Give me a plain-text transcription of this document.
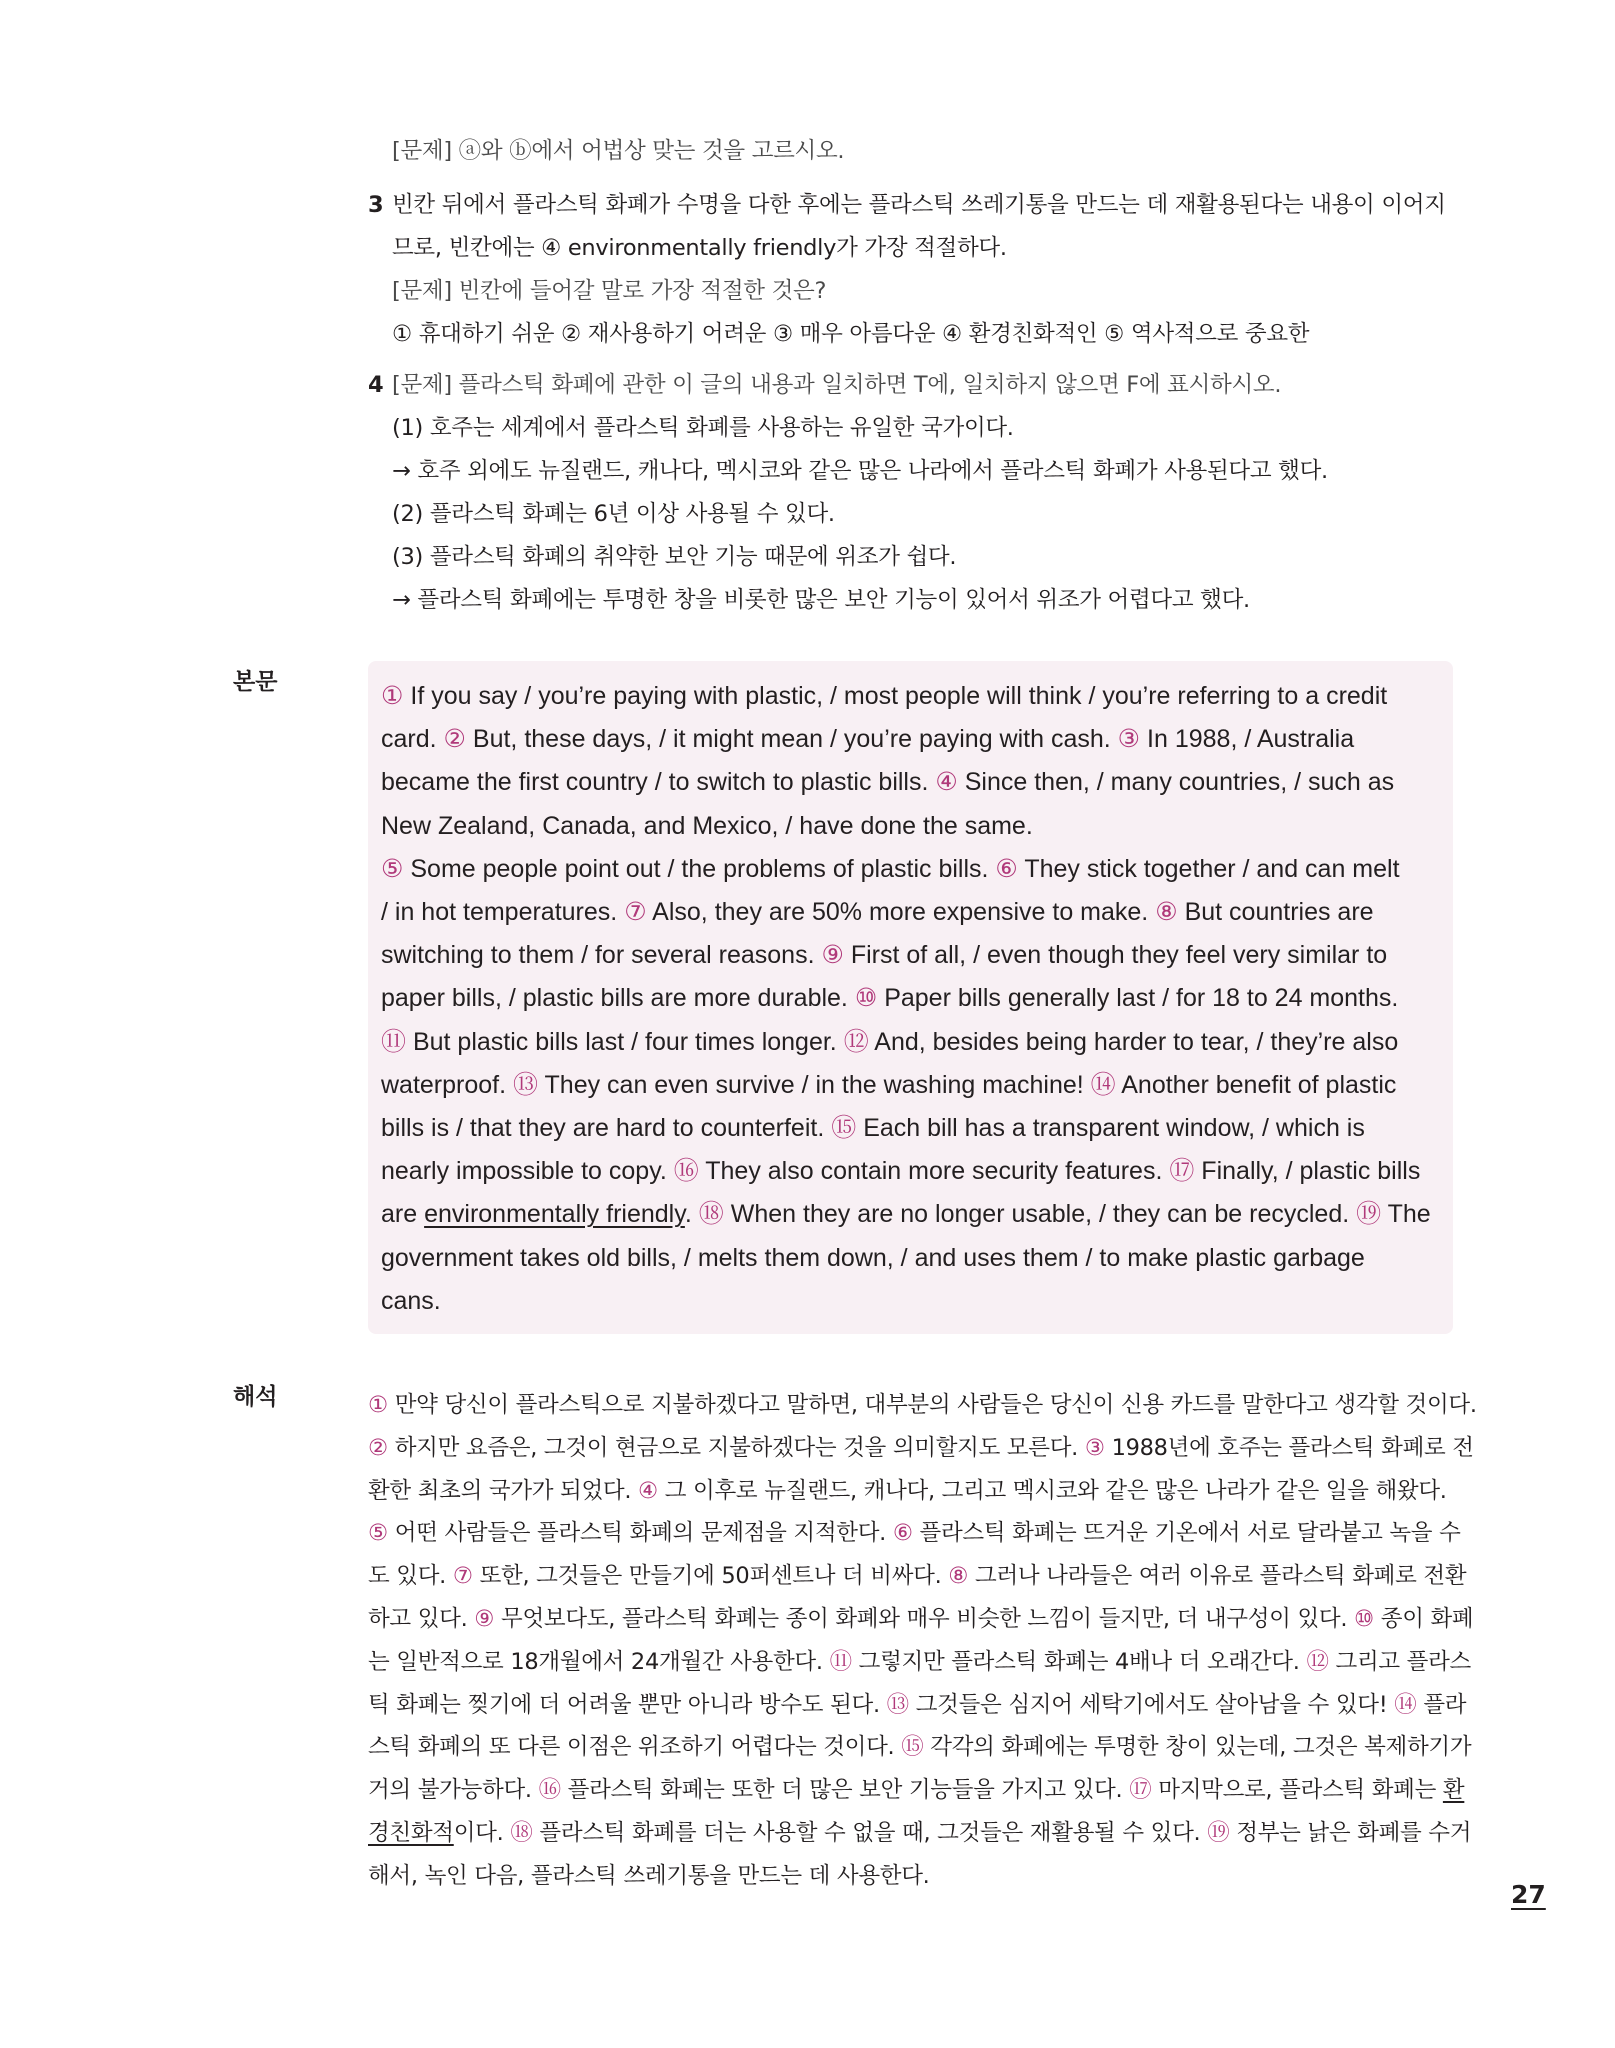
[문제] ⓐ와 ⓑ에서 어법상 맞는 것을 고르시오.
3 빈칸 뒤에서 플라스틱 화폐가 수명을 다한 후에는 플라스틱 쓰레기통을 만드는 데 재활용된다는 내용이 이어지
므로, 빈칸에는 ④ environmentally friendly가 가장 적절하다.
[문제] 빈칸에 들어갈 말로 가장 적절한 것은?
① 휴대하기 쉬운 ② 재사용하기 어려운 ③ 매우 아름다운 ④ 환경친화적인 ⑤ 역사적으로 중요한
4 [문제] 플라스틱 화폐에 관한 이 글의 내용과 일치하면 T에, 일치하지 않으면 F에 표시하시오.
(1) 호주는 세계에서 플라스틱 화폐를 사용하는 유일한 국가이다.
→ 호주 외에도 뉴질랜드, 캐나다, 멕시코와 같은 많은 나라에서 플라스틱 화폐가 사용된다고 했다.
(2) 플라스틱 화폐는 6년 이상 사용될 수 있다.
(3) 플라스틱 화폐의 취약한 보안 기능 때문에 위조가 쉽다.
→ 플라스틱 화폐에는 투명한 창을 비롯한 많은 보안 기능이 있어서 위조가 어렵다고 했다.
본문	① If you say / you’re paying with plastic, / most people will think / you’re referring to a credit
card. ② But, these days, / it might mean / you’re paying with cash. ③ In 1988, / Australia
became the first country / to switch to plastic bills. ④ Since then, / many countries, / such as
New Zealand, Canada, and Mexico, / have done the same.
⑤ Some people point out / the problems of plastic bills. ⑥ They stick together / and can melt
/ in hot temperatures. ⑦ Also, they are 50% more expensive to make. ⑧ But countries are
switching to them / for several reasons. ⑨ First of all, / even though they feel very similar to
paper bills, / plastic bills are more durable. ⑩ Paper bills generally last / for 18 to 24 months.
⑪ But plastic bills last / four times longer. ⑫ And, besides being harder to tear, / they’re also
waterproof. ⑬ They can even survive / in the washing machine! ⑭ Another benefit of plastic
bills is / that they are hard to counterfeit. ⑮ Each bill has a transparent window, / which is
nearly impossible to copy. ⑯ They also contain more security features. ⑰ Finally, / plastic bills
are environmentally friendly. ⑱ When they are no longer usable, / they can be recycled. ⑲ The
government takes old bills, / melts them down, / and uses them / to make plastic garbage
cans.
해석	① 만약 당신이 플라스틱으로 지불하겠다고 말하면, 대부분의 사람들은 당신이 신용 카드를 말한다고 생각할 것이다.
② 하지만 요즘은, 그것이 현금으로 지불하겠다는 것을 의미할지도 모른다. ③ 1988년에 호주는 플라스틱 화폐로 전
환한 최초의 국가가 되었다. ④ 그 이후로 뉴질랜드, 캐나다, 그리고 멕시코와 같은 많은 나라가 같은 일을 해왔다.
⑤ 어떤 사람들은 플라스틱 화폐의 문제점을 지적한다. ⑥ 플라스틱 화폐는 뜨거운 기온에서 서로 달라붙고 녹을 수
도 있다. ⑦ 또한, 그것들은 만들기에 50퍼센트나 더 비싸다. ⑧ 그러나 나라들은 여러 이유로 플라스틱 화폐로 전환
하고 있다. ⑨ 무엇보다도, 플라스틱 화폐는 종이 화폐와 매우 비슷한 느낌이 들지만, 더 내구성이 있다. ⑩ 종이 화폐
는 일반적으로 18개월에서 24개월간 사용한다. ⑪ 그렇지만 플라스틱 화폐는 4배나 더 오래간다. ⑫ 그리고 플라스
틱 화폐는 찢기에 더 어려울 뿐만 아니라 방수도 된다. ⑬ 그것들은 심지어 세탁기에서도 살아남을 수 있다! ⑭ 플라
스틱 화폐의 또 다른 이점은 위조하기 어렵다는 것이다. ⑮ 각각의 화폐에는 투명한 창이 있는데, 그것은 복제하기가
거의 불가능하다. ⑯ 플라스틱 화폐는 또한 더 많은 보안 기능들을 가지고 있다. ⑰ 마지막으로, 플라스틱 화폐는 환
경친화적이다. ⑱ 플라스틱 화폐를 더는 사용할 수 없을 때, 그것들은 재활용될 수 있다. ⑲ 정부는 낡은 화폐를 수거
해서, 녹인 다음, 플라스틱 쓰레기통을 만드는 데 사용한다.
27
